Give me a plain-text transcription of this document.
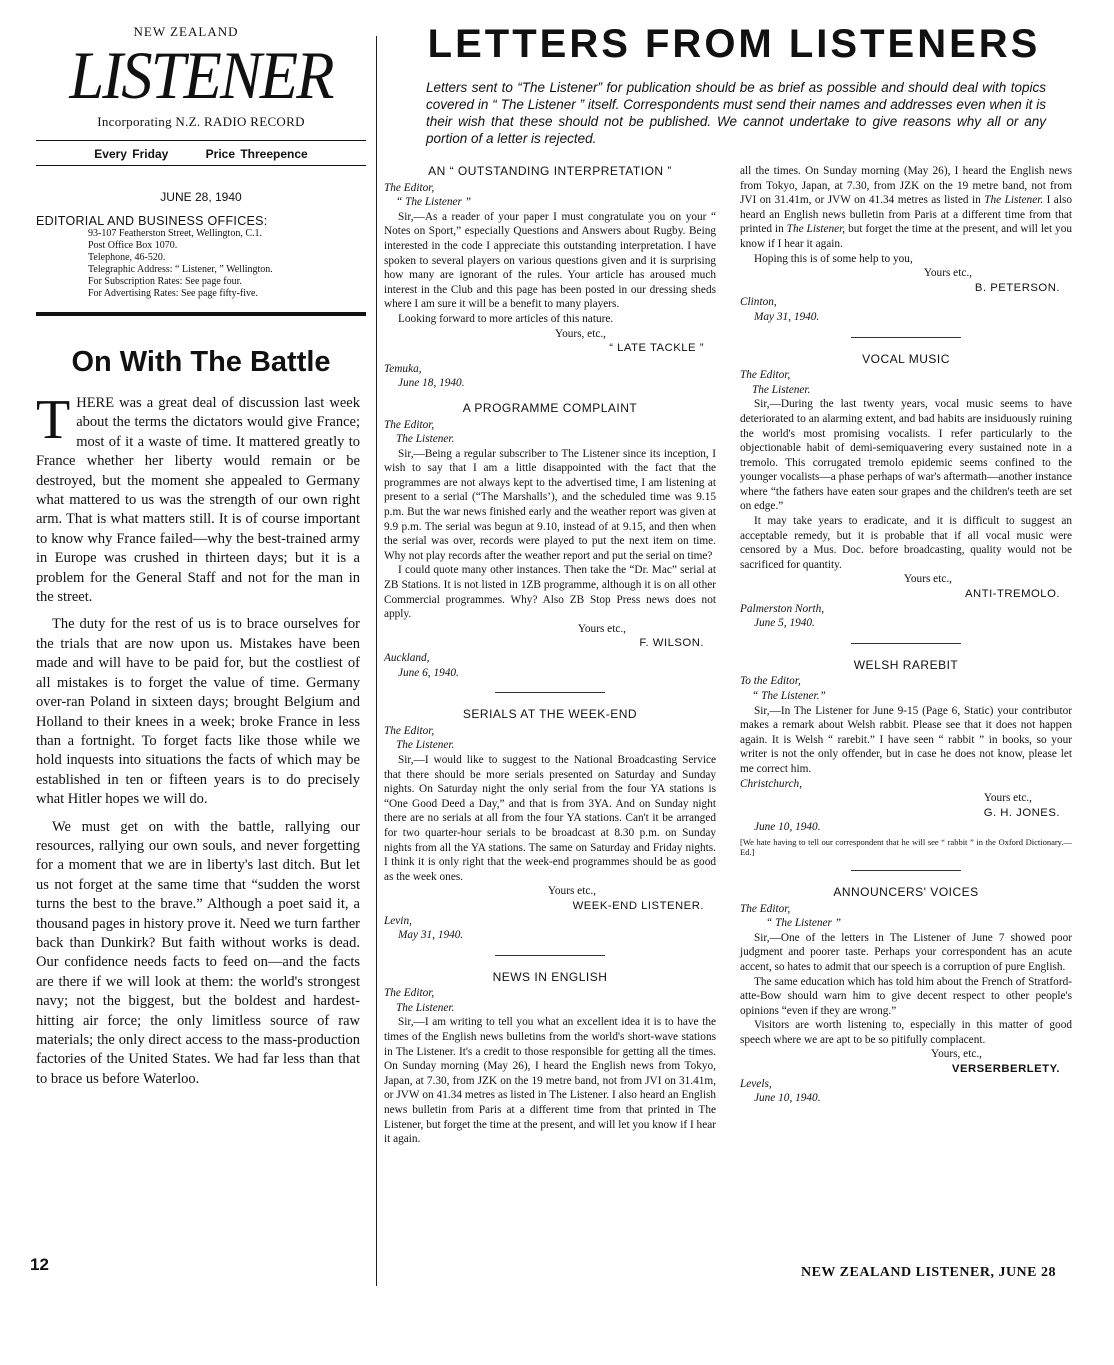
NEW ZEALAND
LISTENER
Incorporating N.Z. RADIO RECORD
Every Friday	Price Threepence
JUNE 28, 1940
EDITORIAL AND BUSINESS OFFICES:
93-107 Featherston Street, Wellington, C.1.
Post Office Box 1070.
Telephone, 46-520.
Telegraphic Address: “ Listener, ” Wellington.
For Subscription Rates: See page four.
For Advertising Rates: See page fifty-five.
On With The Battle

THERE was a great deal of discussion last week about the terms the dictators would give France; most of it a waste of time. It mattered greatly to France whether her liberty would remain or be destroyed, but the moment she appealed to Germany what mattered to us was the strength of our own right arm. That is what matters still. It is of course important to know why France failed—why the best-trained army in Europe was crushed in thirteen days; but it is a problem for the General Staff and not for the man in the street.

The duty for the rest of us is to brace ourselves for the trials that are now upon us. Mistakes have been made and will have to be paid for, but the costliest of all mistakes is to forget the value of time. Germany over-ran Poland in sixteen days; brought Belgium and Holland to their knees in a week; broke France in less than a fortnight. To forget facts like those while we hold inquests into situations the facts of which may be established in ten or fifteen years is to do precisely what Hitler hopes we will do.

We must get on with the battle, rallying our resources, rallying our own souls, and never forgetting for a moment that we are in liberty's last ditch. But let us not forget at the same time that “sudden the worst turns the best to the brave.” Although a poet said it, a thousand pages in history prove it. Need we turn farther back than Dunkirk? But faith without works is dead. Our confidence needs facts to feed on—and the facts are there if we will look at them: the world's strongest navy; not the biggest, but the boldest and hardest-hitting air force; the only limitless source of raw materials; the only direct access to the mass-production factories of the United States. We had far less than that to brace us before Waterloo.

LETTERS FROM LISTENERS
Letters sent to “The Listener” for publication should be as brief as possible and should deal with topics covered in “ The Listener ” itself. Correspondents must send their names and addresses even when it is their wish that these should not be published. We cannot undertake to give reasons why all or any portion of a letter is rejected.
AN “ OUTSTANDING INTERPRETATION ”
The Editor,
“ The Listener ”
Sir,—As a reader of your paper I must congratulate you on your “ Notes on Sport,” especially Questions and Answers about Rugby. Being interested in the code I appreciate this outstanding interpretation. I have spoken to several players on various questions given and it is surprising how many are ignorant of the rules. Your article has aroused much interest in the Club and this page has been posted in our dressing sheds where I am sure it will be a benefit to many players.
Looking forward to more articles of this nature.
Yours, etc.,
“ LATE TACKLE ”
Temuka,
June 18, 1940.
A PROGRAMME COMPLAINT
The Editor,
The Listener.
Sir,—Being a regular subscriber to The Listener since its inception, I wish to say that I am a little disappointed with the fact that the programmes are not always kept to the advertised time, I am listening at present to a serial (“The Marshalls’), and the scheduled time was 9.15 p.m. But the war news finished early and the weather report was given at 9.9 p.m. The serial was begun at 9.10, instead of at 9.15, and then when the serial was over, records were played to put the next item on time. Why not play records after the weather report and put the serial on time?
I could quote many other instances. Then take the “Dr. Mac” serial at ZB Stations. It is not listed in 1ZB programme, although it is on all other Commercial programmes. Why? Also ZB Stop Press news does not apply.
Yours etc.,
F. WILSON.
Auckland,
June 6, 1940.
SERIALS AT THE WEEK-END
The Editor,
The Listener.
Sir,—I would like to suggest to the National Broadcasting Service that there should be more serials presented on Saturday and Sunday nights. On Saturday night the only serial from the four YA stations is “One Good Deed a Day,” and that is from 3YA. And on Sunday night there are no serials at all from the four YA stations. Can't it be arranged for two quarter-hour serials to be broadcast at 8.30 p.m. on Sunday nights from all the YA stations. The same on Saturday and Friday nights. I think it is only right that the week-end programmes should be as good as the week ones.
Yours etc.,
WEEK-END LISTENER.
Levin,
May 31, 1940.
NEWS IN ENGLISH
The Editor,
The Listener.
Sir,—I am writing to tell you what an excellent idea it is to have the times of the English news bulletins from the world's short-wave stations in The Listener. It's a credit to those responsible for getting all the times. On Sunday morning (May 26), I heard the English news from Tokyo, Japan, at 7.30, from JZK on the 19 metre band, not from JVI on 31.41m, or JVW on 41.34 metres as listed in The Listener. I also heard an English news bulletin from Paris at a different time from that printed in The Listener, but forget the time at the present, and will let you know if I hear it again.
all the times. On Sunday morning (May 26), I heard the English news from Tokyo, Japan, at 7.30, from JZK on the 19 metre band, not from JVI on 31.41m, or JVW on 41.34 metres as listed in The Listener. I also heard an English news bulletin from Paris at a different time from that printed in The Listener, but forget the time at the present, and will let you know if I hear it again.
Hoping this is of some help to you,
Yours etc.,
B. PETERSON.
Clinton,
May 31, 1940.
VOCAL MUSIC
The Editor,
The Listener.
Sir,—During the last twenty years, vocal music seems to have deteriorated to an alarming extent, and bad habits are insiduously ruining the world's most promising vocalists. I refer particularly to the objectionable habit of demi-semiquavering every sustained note in a tremolo. This corrugated tremolo epidemic seems confined to the younger vocalists—a phase perhaps of war's aftermath—another instance where “the fathers have eaten sour grapes and the children's teeth are set on edge.”
It may take years to eradicate, and it is difficult to suggest an acceptable remedy, but it is probable that if all vocal music were censored by a Mus. Doc. before broadcasting, quality would not be sacrificed for quantity.
Yours etc.,
ANTI-TREMOLO.
Palmerston North,
June 5, 1940.
WELSH RAREBIT
To the Editor,
“ The Listener.”
Sir,—In The Listener for June 9-15 (Page 6, Static) your contributor makes a remark about Welsh rabbit. Please see that it does not happen again. It is Welsh “ rarebit.” I have seen “ rabbit ” in books, so your writer is not the only offender, but in case he does not know, please let me correct him.
Christchurch,
Yours etc.,
G. H. JONES.
June 10, 1940.
[We hate having to tell our correspondent that he will see “ rabbit ” in the Oxford Dictionary.—Ed.]
ANNOUNCERS' VOICES
The Editor,
“ The Listener ”
Sir,—One of the letters in The Listener of June 7 showed poor judgment and poorer taste. Perhaps your correspondent has an acute accent, so hates to admit that our speech is a corruption of pure English.
The same education which has told him about the French of Stratford-atte-Bow should warn him to give decent respect to other people's opinions “even if they are wrong.”
Visitors are worth listening to, especially in this matter of good speech where we are apt to be so pitifully complacent.
Yours, etc.,
VERSERBERLETY.
Levels,
June 10, 1940.
12	NEW ZEALAND LISTENER, JUNE 28
